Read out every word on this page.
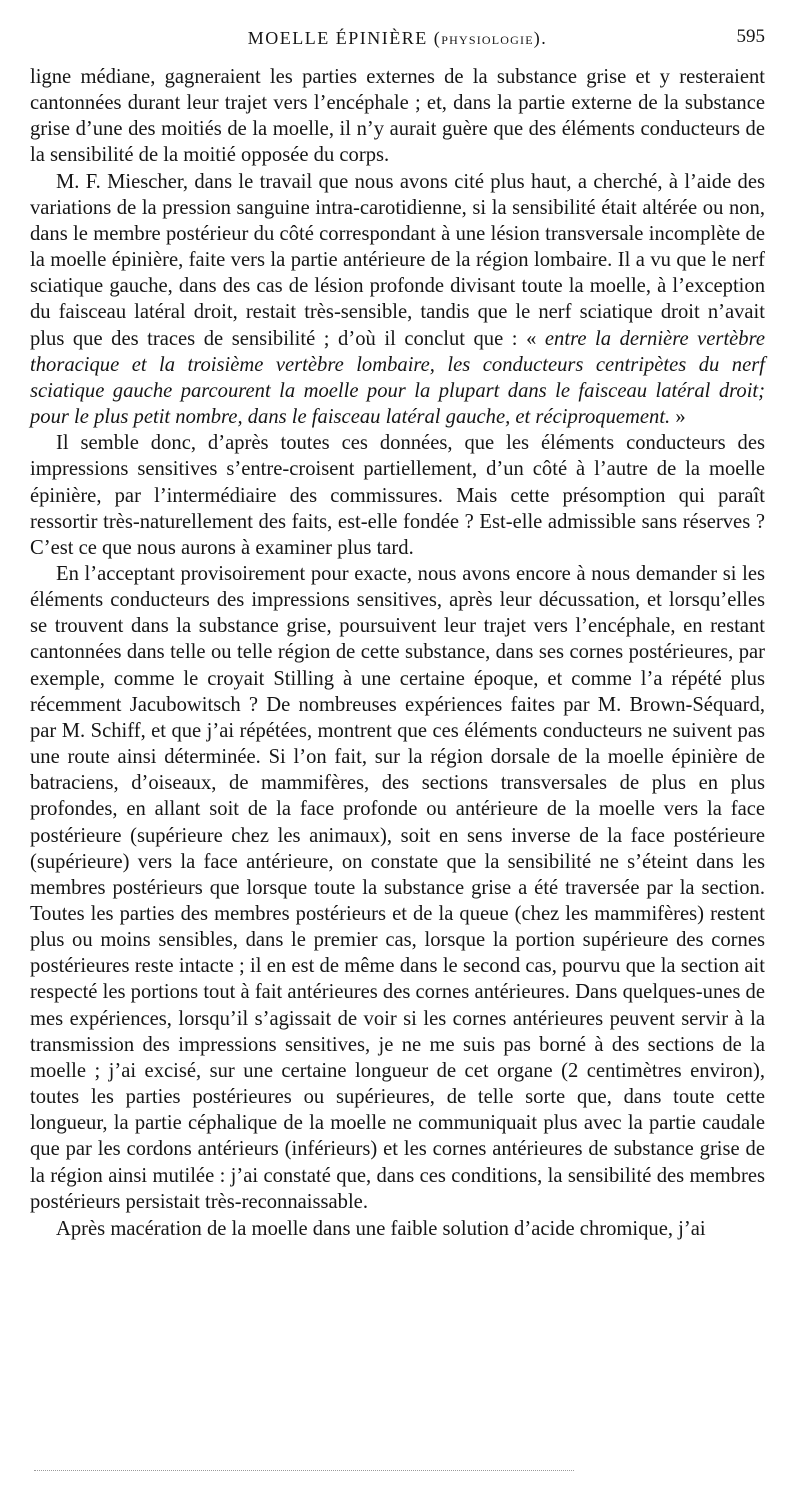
MOELLE ÉPINIÈRE (PHYSIOLOGIE).	595

ligne médiane, gagneraient les parties externes de la substance grise et y resteraient cantonnées durant leur trajet vers l’encéphale ; et, dans la partie externe de la substance grise d’une des moitiés de la moelle, il n’y aurait guère que des éléments conducteurs de la sensibilité de la moitié opposée du corps.

M. F. Miescher, dans le travail que nous avons cité plus haut, a cherché, à l’aide des variations de la pression sanguine intra-carotidienne, si la sensibilité était altérée ou non, dans le membre postérieur du côté correspondant à une lésion transversale incomplète de la moelle épinière, faite vers la partie antérieure de la région lombaire. Il a vu que le nerf sciatique gauche, dans des cas de lésion profonde divisant toute la moelle, à l’exception du faisceau latéral droit, restait très-sensible, tandis que le nerf sciatique droit n’avait plus que des traces de sensibilité ; d’où il conclut que : « entre la dernière vertèbre thoracique et la troisième vertèbre lombaire, les conducteurs centripètes du nerf sciatique gauche parcourent la moelle pour la plupart dans le faisceau latéral droit; pour le plus petit nombre, dans le faisceau latéral gauche, et réciproquement. »

Il semble donc, d’après toutes ces données, que les éléments conducteurs des impressions sensitives s’entre-croisent partiellement, d’un côté à l’autre de la moelle épinière, par l’intermédiaire des commissures. Mais cette présomption qui paraît ressortir très-naturellement des faits, est-elle fondée ? Est-elle admissible sans réserves ? C’est ce que nous aurons à examiner plus tard.

En l’acceptant provisoirement pour exacte, nous avons encore à nous demander si les éléments conducteurs des impressions sensitives, après leur décussation, et lorsqu’elles se trouvent dans la substance grise, poursuivent leur trajet vers l’encéphale, en restant cantonnées dans telle ou telle région de cette substance, dans ses cornes postérieures, par exemple, comme le croyait Stilling à une certaine époque, et comme l’a répété plus récemment Jacubowitsch ? De nombreuses expériences faites par M. Brown-Séquard, par M. Schiff, et que j’ai répétées, montrent que ces éléments conducteurs ne suivent pas une route ainsi déterminée. Si l’on fait, sur la région dorsale de la moelle épinière de batraciens, d’oiseaux, de mammifères, des sections transversales de plus en plus profondes, en allant soit de la face profonde ou antérieure de la moelle vers la face postérieure (supérieure chez les animaux), soit en sens inverse de la face postérieure (supérieure) vers la face antérieure, on constate que la sensibilité ne s’éteint dans les membres postérieurs que lorsque toute la substance grise a été traversée par la section. Toutes les parties des membres postérieurs et de la queue (chez les mammifères) restent plus ou moins sensibles, dans le premier cas, lorsque la portion supérieure des cornes postérieures reste intacte ; il en est de même dans le second cas, pourvu que la section ait respecté les portions tout à fait antérieures des cornes antérieures. Dans quelques-unes de mes expériences, lorsqu’il s’agissait de voir si les cornes antérieures peuvent servir à la transmission des impressions sensitives, je ne me suis pas borné à des sections de la moelle ; j’ai excisé, sur une certaine longueur de cet organe (2 centimètres environ), toutes les parties postérieures ou supérieures, de telle sorte que, dans toute cette longueur, la partie céphalique de la moelle ne communiquait plus avec la partie caudale que par les cordons antérieurs (inférieurs) et les cornes antérieures de substance grise de la région ainsi mutilée : j’ai constaté que, dans ces conditions, la sensibilité des membres postérieurs persistait très-reconnaissable.

Après macération de la moelle dans une faible solution d’acide chromique, j’ai
